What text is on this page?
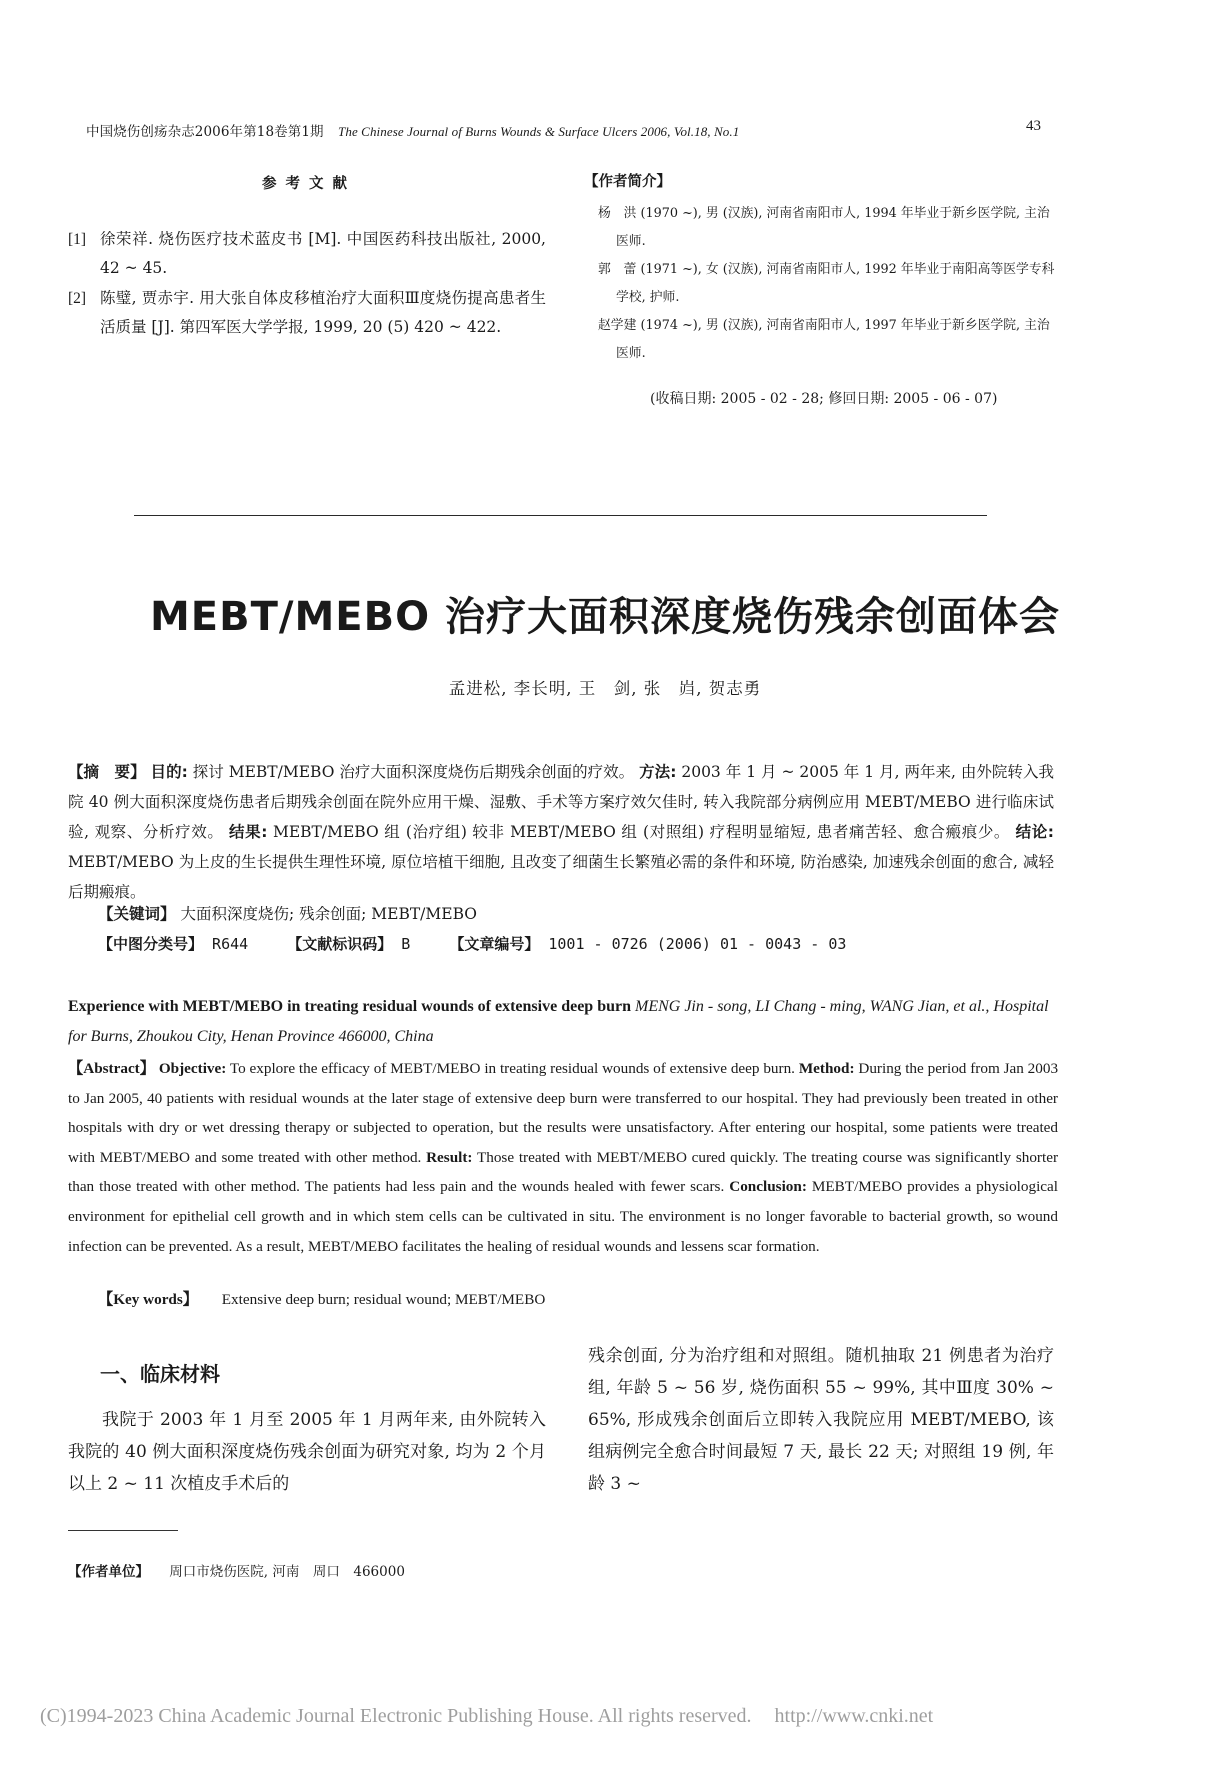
中国烧伤创疡杂志2006年第18卷第1期 The Chinese Journal of Burns Wounds & Surface Ulcers 2006, Vol.18, No.1	43
参考文献
[1] 徐荣祥. 烧伤医疗技术蓝皮书 [M]. 中国医药科技出版社, 2000, 42 ~ 45.
[2] 陈璧, 贾赤宇. 用大张自体皮移植治疗大面积Ⅲ度烧伤提高患者生活质量 [J]. 第四军医大学学报, 1999, 20 (5) 420 ~ 422.
【作者简介】
杨　洪 (1970 ~), 男 (汉族), 河南省南阳市人, 1994 年毕业于新乡医学院, 主治医师.
郭　蕾 (1971 ~), 女 (汉族), 河南省南阳市人, 1992 年毕业于南阳高等医学专科学校, 护师.
赵学建 (1974 ~), 男 (汉族), 河南省南阳市人, 1997 年毕业于新乡医学院, 主治医师.
(收稿日期: 2005 - 02 - 28; 修回日期: 2005 - 06 - 07)
MEBT/MEBO 治疗大面积深度烧伤残余创面体会
孟进松, 李长明, 王　剑, 张　岿, 贺志勇
【摘　要】 目的: 探讨 MEBT/MEBO 治疗大面积深度烧伤后期残余创面的疗效。 方法: 2003 年 1 月 ~ 2005 年 1 月, 两年来, 由外院转入我院 40 例大面积深度烧伤患者后期残余创面在院外应用干燥、湿敷、手术等方案疗效欠佳时, 转入我院部分病例应用 MEBT/MEBO 进行临床试验, 观察、分析疗效。 结果: MEBT/MEBO 组 (治疗组) 较非 MEBT/MEBO 组 (对照组) 疗程明显缩短, 患者痛苦轻、愈合瘢痕少。 结论: MEBT/MEBO 为上皮的生长提供生理性环境, 原位培植干细胞, 且改变了细菌生长繁殖必需的条件和环境, 防治感染, 加速残余创面的愈合, 减轻后期瘢痕。
【关键词】 大面积深度烧伤; 残余创面; MEBT/MEBO
【中图分类号】 R644	【文献标识码】 B	【文章编号】 1001 - 0726 (2006) 01 - 0043 - 03
Experience with MEBT/MEBO in treating residual wounds of extensive deep burn MENG Jin - song, LI Chang - ming, WANG Jian, et al., Hospital for Burns, Zhoukou City, Henan Province 466000, China
【Abstract】 Objective: To explore the efficacy of MEBT/MEBO in treating residual wounds of extensive deep burn. Method: During the period from Jan 2003 to Jan 2005, 40 patients with residual wounds at the later stage of extensive deep burn were transferred to our hospital. They had previously been treated in other hospitals with dry or wet dressing therapy or subjected to operation, but the results were unsatisfactory. After entering our hospital, some patients were treated with MEBT/MEBO and some treated with other method. Result: Those treated with MEBT/MEBO cured quickly. The treating course was significantly shorter than those treated with other method. The patients had less pain and the wounds healed with fewer scars. Conclusion: MEBT/MEBO provides a physiological environment for epithelial cell growth and in which stem cells can be cultivated in situ. The environment is no longer favorable to bacterial growth, so wound infection can be prevented. As a result, MEBT/MEBO facilitates the healing of residual wounds and lessens scar formation.
【Key words】 Extensive deep burn; residual wound; MEBT/MEBO
一、临床材料
我院于 2003 年 1 月至 2005 年 1 月两年来, 由外院转入我院的 40 例大面积深度烧伤残余创面为研究对象, 均为 2 个月以上 2 ~ 11 次植皮手术后的
残余创面, 分为治疗组和对照组。随机抽取 21 例患者为治疗组, 年龄 5 ~ 56 岁, 烧伤面积 55 ~ 99%, 其中Ⅲ度 30% ~ 65%, 形成残余创面后立即转入我院应用 MEBT/MEBO, 该组病例完全愈合时间最短 7 天, 最长 22 天; 对照组 19 例, 年龄 3 ~
【作者单位】 周口市烧伤医院, 河南　周口　466000
(C)1994-2023 China Academic Journal Electronic Publishing House. All rights reserved. http://www.cnki.net
